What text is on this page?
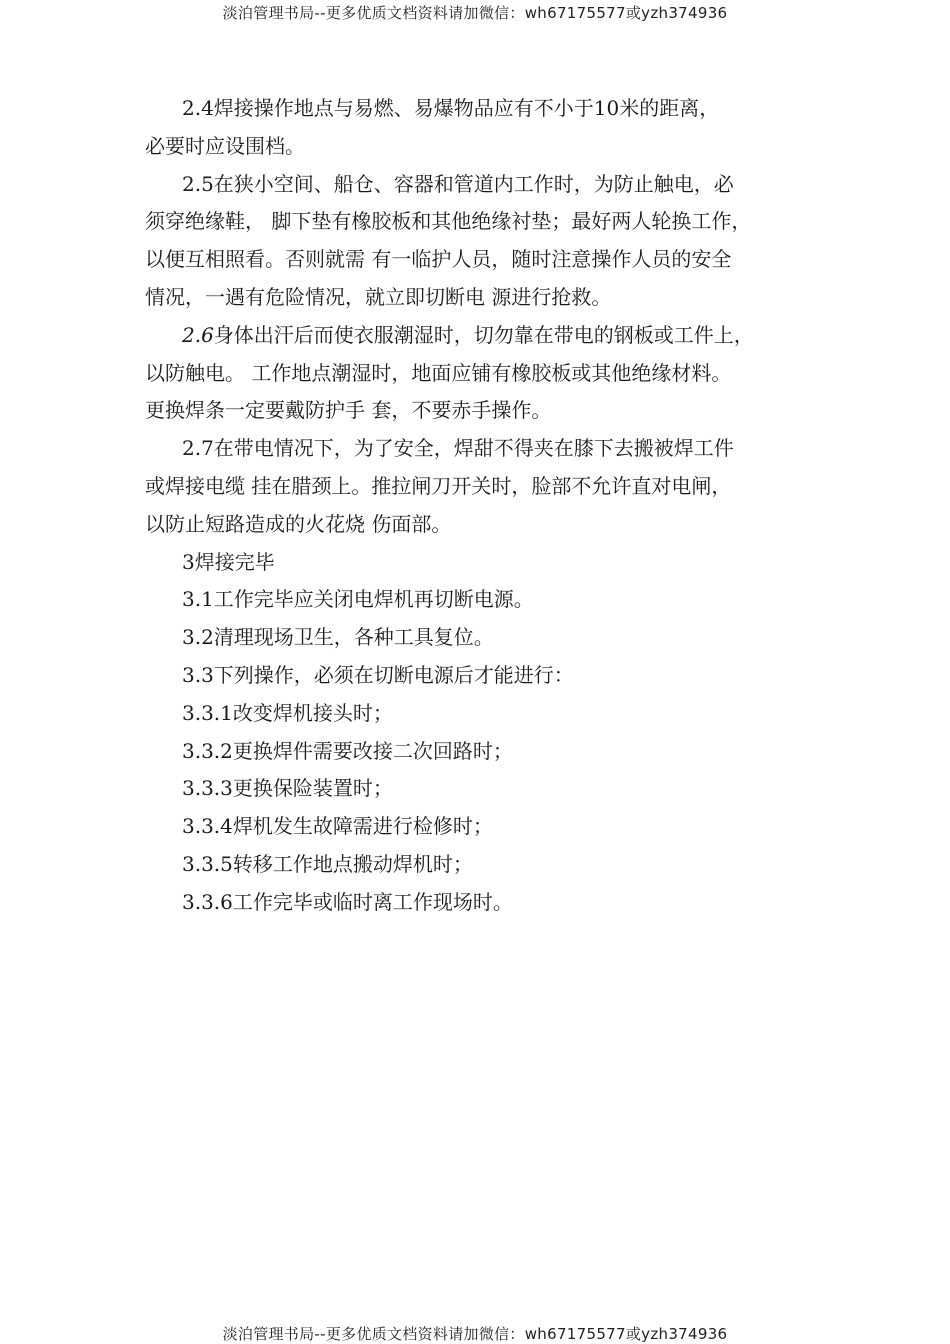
淡泊管理书局--更多优质文档资料请加微信：wh67175577或yzh374936
2.4焊接操作地点与易燃、易爆物品应有不小于10米的距离，
必要时应设围档。
2.5在狭小空间、船仓、容器和管道内工作时，为防止触电，必
须穿绝缘鞋， 脚下垫有橡胶板和其他绝缘衬垫；最好两人轮换工作，
以便互相照看。否则就需 有一临护人员，随时注意操作人员的安全
情况，一遇有危险情况，就立即切断电 源进行抢救。
2.6身体出汗后而使衣服潮湿时，切勿靠在带电的钢板或工件上，
以防触电。 工作地点潮湿时，地面应铺有橡胶板或其他绝缘材料。
更换焊条一定要戴防护手 套，不要赤手操作。
2.7在带电情况下，为了安全，焊甜不得夹在膝下去搬被焊工件
或焊接电缆 挂在腊颈上。推拉闸刀开关时，脸部不允许直对电闸，
以防止短路造成的火花烧 伤面部。
3焊接完毕
3.1工作完毕应关闭电焊机再切断电源。
3.2清理现场卫生，各种工具复位。
3.3下列操作，必须在切断电源后才能进行：
3.3.1改变焊机接头时；
3.3.2更换焊件需要改接二次回路时；
3.3.3更换保险装置时；
3.3.4焊机发生故障需进行检修时；
3.3.5转移工作地点搬动焊机时；
3.3.6工作完毕或临时离工作现场时。
淡泊管理书局--更多优质文档资料请加微信：wh67175577或yzh374936
